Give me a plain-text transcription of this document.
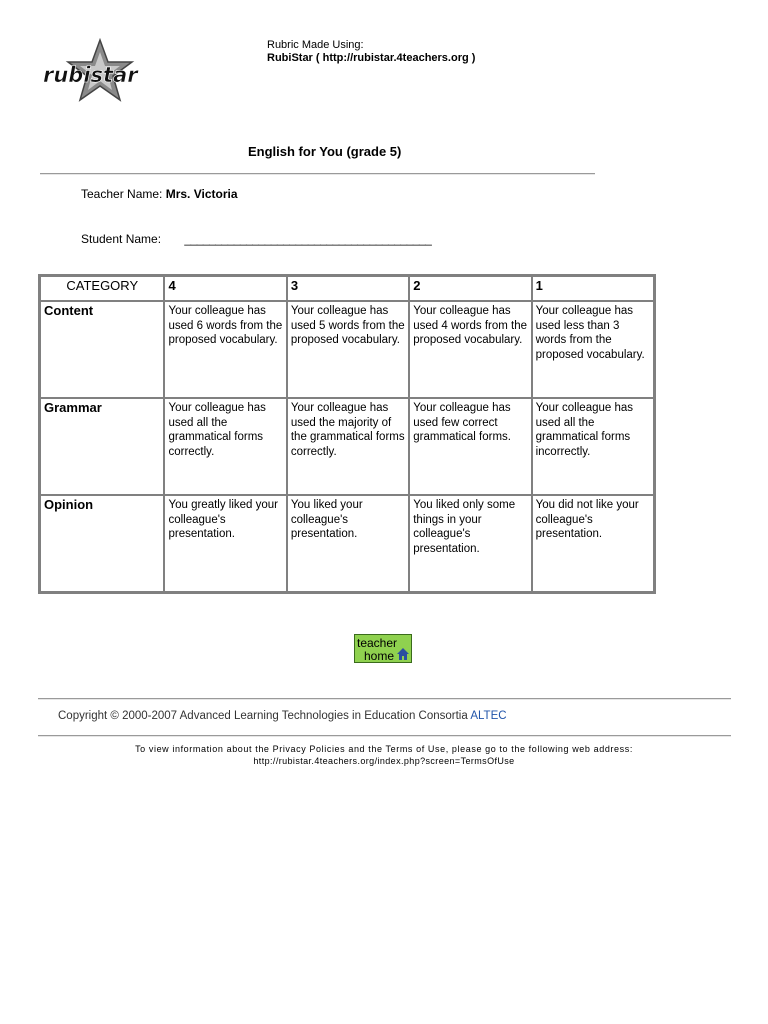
rubistar
Rubric Made Using:
RubiStar ( http://rubistar.4teachers.org )
English for You (grade 5)
Teacher Name: Mrs. Victoria
Student Name: ________________________________________
CATEGORY	4	3	2	1
Content	Your colleague has used 6 words from the proposed vocabulary.	Your colleague has used 5 words from the proposed vocabulary.	Your colleague has used 4 words from the proposed vocabulary.	Your colleague has used less than 3 words from the proposed vocabulary.
Grammar	Your colleague has used all the grammatical forms correctly.	Your colleague has used the majority of the grammatical forms correctly.	Your colleague has used few correct grammatical forms.	Your colleague has used all the grammatical forms incorrectly.
Opinion	You greatly liked your colleague's presentation.	You liked your colleague's presentation.	You liked only some things in your colleague's presentation.	You did not like your colleague's presentation.
teacher
home
Copyright © 2000-2007 Advanced Learning Technologies in Education Consortia ALTEC
To view information about the Privacy Policies and the Terms of Use, please go to the following web address:
http://rubistar.4teachers.org/index.php?screen=TermsOfUse
